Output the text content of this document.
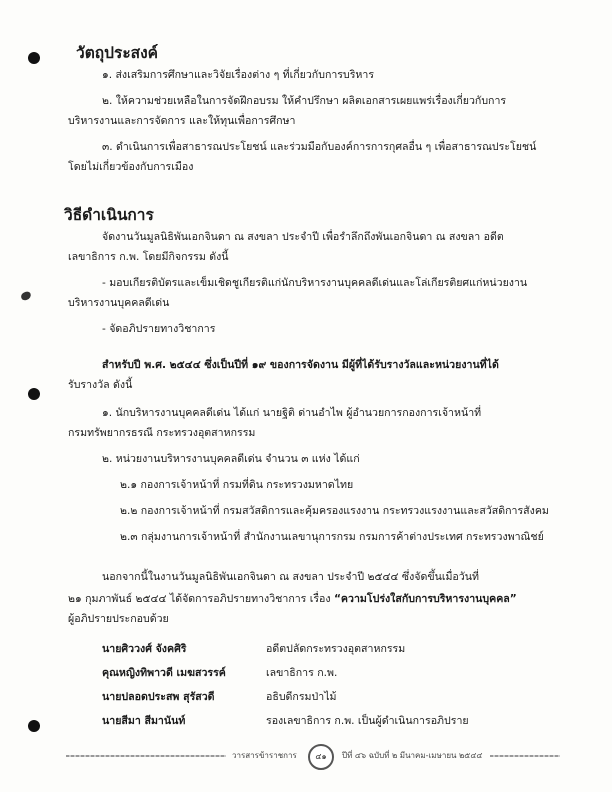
วัตถุประสงค์
๑. ส่งเสริมการศึกษาและวิจัยเรื่องต่าง ๆ ที่เกี่ยวกับการบริหาร
๒. ให้ความช่วยเหลือในการจัดฝึกอบรม ให้คำปรึกษา ผลิตเอกสารเผยแพร่เรื่องเกี่ยวกับการ
บริหารงานและการจัดการ และให้ทุนเพื่อการศึกษา
๓. ดำเนินการเพื่อสาธารณประโยชน์ และร่วมมือกับองค์การการกุศลอื่น ๆ เพื่อสาธารณประโยชน์
โดยไม่เกี่ยวข้องกับการเมือง
วิธีดำเนินการ
จัดงานวันมูลนิธิพันเอกจินดา ณ สงขลา ประจำปี เพื่อรำลึกถึงพันเอกจินดา ณ สงขลา อดีต
เลขาธิการ ก.พ. โดยมีกิจกรรม ดังนี้
- มอบเกียรติบัตรและเข็มเชิดชูเกียรติแก่นักบริหารงานบุคคลดีเด่นและโล่เกียรติยศแก่หน่วยงาน
บริหารงานบุคคลดีเด่น
- จัดอภิปรายทางวิชาการ
สำหรับปี พ.ศ. ๒๕๔๔ ซึ่งเป็นปีที่ ๑๙ ของการจัดงาน มีผู้ที่ได้รับรางวัลและหน่วยงานที่ได้
รับรางวัล ดังนี้
๑. นักบริหารงานบุคคลดีเด่น ได้แก่ นายฐิติ ด่านอำไพ ผู้อำนวยการกองการเจ้าหน้าที่
กรมทรัพยากรธรณี กระทรวงอุตสาหกรรม
๒. หน่วยงานบริหารงานบุคคลดีเด่น จำนวน ๓ แห่ง ได้แก่
๒.๑ กองการเจ้าหน้าที่ กรมที่ดิน กระทรวงมหาดไทย
๒.๒ กองการเจ้าหน้าที่ กรมสวัสดิการและคุ้มครองแรงงาน กระทรวงแรงงานและสวัสดิการสังคม
๒.๓ กลุ่มงานการเจ้าหน้าที่ สำนักงานเลขานุการกรม กรมการค้าต่างประเทศ กระทรวงพาณิชย์
นอกจากนี้ในงานวันมูลนิธิพันเอกจินดา ณ สงขลา ประจำปี ๒๕๔๔ ซึ่งจัดขึ้นเมื่อวันที่
๒๑ กุมภาพันธ์ ๒๕๔๔ ได้จัดการอภิปรายทางวิชาการ เรื่อง “ความโปร่งใสกับการบริหารงานบุคคล”
ผู้อภิปรายประกอบด้วย
นายศิววงศ์ จังคศิริ	อดีตปลัดกระทรวงอุตสาหกรรม
คุณหญิงทิพาวดี เมฆสวรรค์	เลขาธิการ ก.พ.
นายปลอดประสพ สุรัสวดี	อธิบดีกรมป่าไม้
นายสีมา สีมานันท์	รองเลขาธิการ ก.พ. เป็นผู้ดำเนินการอภิปราย
วารสารข้าราชการ	๔๑	ปีที่ ๔๖ ฉบับที่ ๒ มีนาคม-เมษายน ๒๕๔๔
